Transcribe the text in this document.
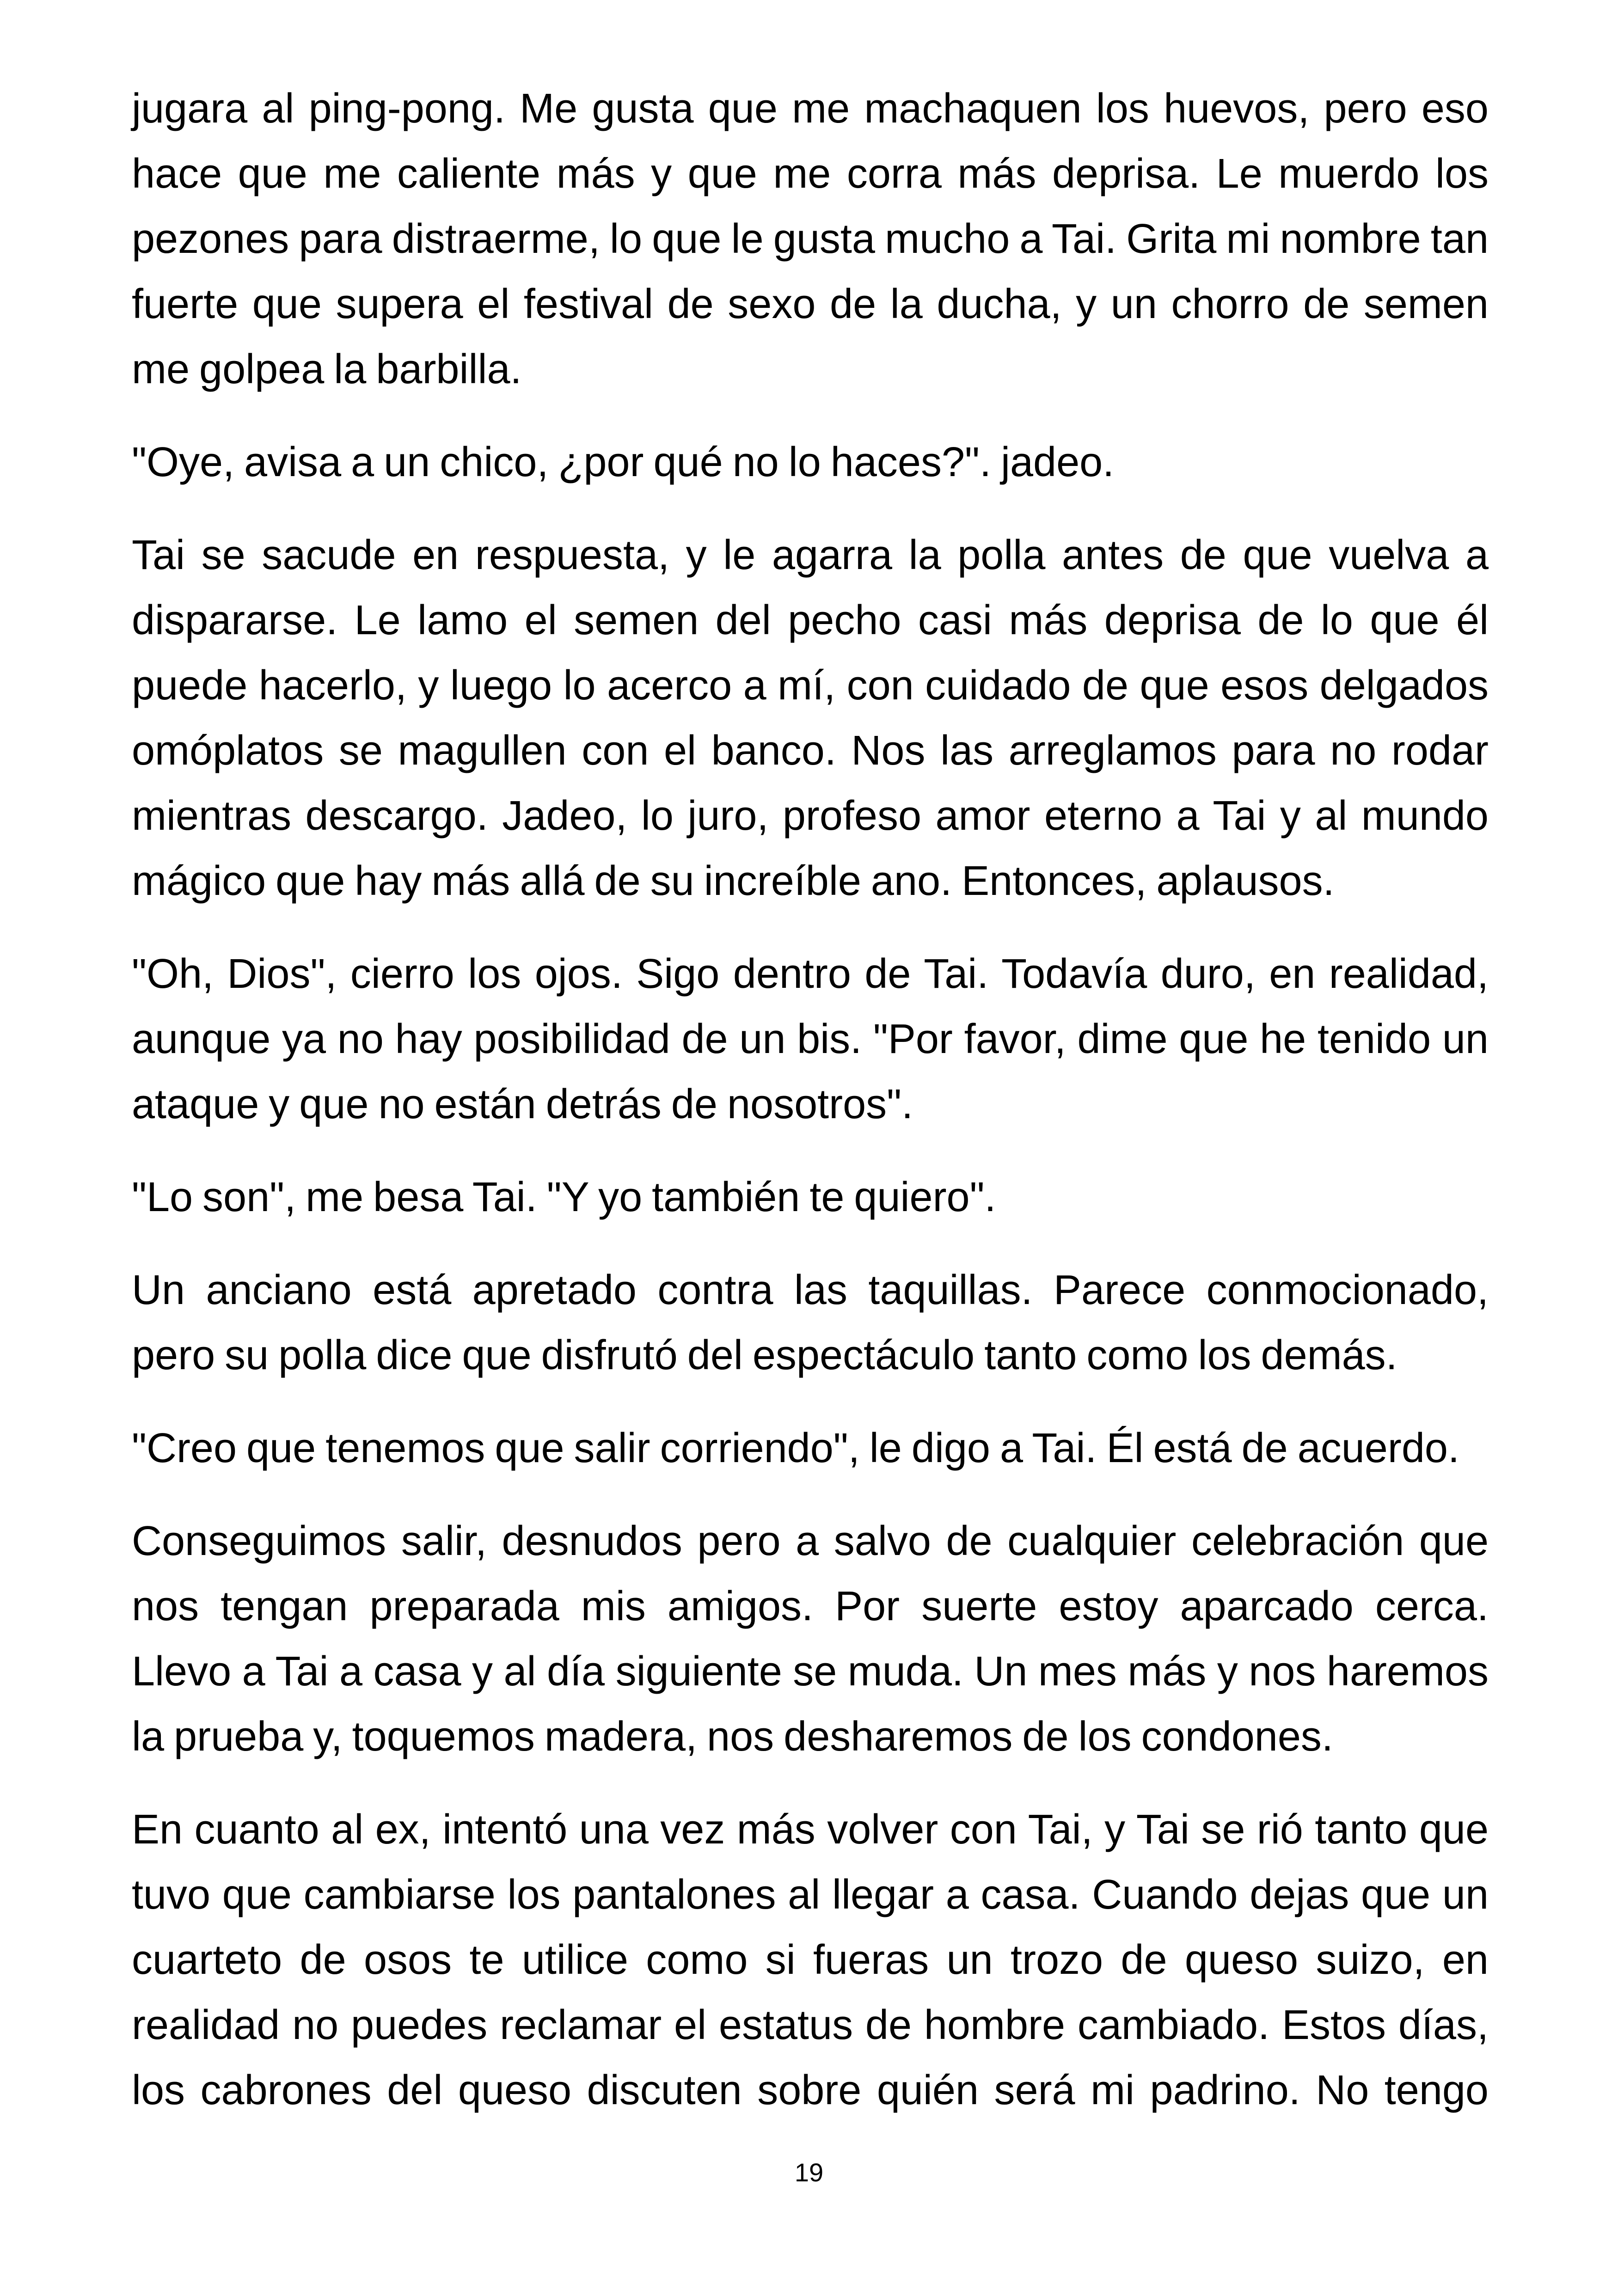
jugara al ping-pong. Me gusta que me machaquen los huevos, pero eso hace que me caliente más y que me corra más deprisa. Le muerdo los pezones para distraerme, lo que le gusta mucho a Tai. Grita mi nombre tan fuerte que supera el festival de sexo de la ducha, y un chorro de semen me golpea la barbilla.

"Oye, avisa a un chico, ¿por qué no lo haces?". jadeo.

Tai se sacude en respuesta, y le agarra la polla antes de que vuelva a dispararse. Le lamo el semen del pecho casi más deprisa de lo que él puede hacerlo, y luego lo acerco a mí, con cuidado de que esos delgados omóplatos se magullen con el banco. Nos las arreglamos para no rodar mientras descargo. Jadeo, lo juro, profeso amor eterno a Tai y al mundo mágico que hay más allá de su increíble ano. Entonces, aplausos.

"Oh, Dios", cierro los ojos. Sigo dentro de Tai. Todavía duro, en realidad, aunque ya no hay posibilidad de un bis. "Por favor, dime que he tenido un ataque y que no están detrás de nosotros".

"Lo son", me besa Tai. "Y yo también te quiero".

Un anciano está apretado contra las taquillas. Parece conmocionado, pero su polla dice que disfrutó del espectáculo tanto como los demás.

"Creo que tenemos que salir corriendo", le digo a Tai. Él está de acuerdo.

Conseguimos salir, desnudos pero a salvo de cualquier celebración que nos tengan preparada mis amigos. Por suerte estoy aparcado cerca. Llevo a Tai a casa y al día siguiente se muda. Un mes más y nos haremos la prueba y, toquemos madera, nos desharemos de los condones.

En cuanto al ex, intentó una vez más volver con Tai, y Tai se rió tanto que tuvo que cambiarse los pantalones al llegar a casa. Cuando dejas que un cuarteto de osos te utilice como si fueras un trozo de queso suizo, en realidad no puedes reclamar el estatus de hombre cambiado. Estos días, los cabrones del queso discuten sobre quién será mi padrino. No tengo

19
